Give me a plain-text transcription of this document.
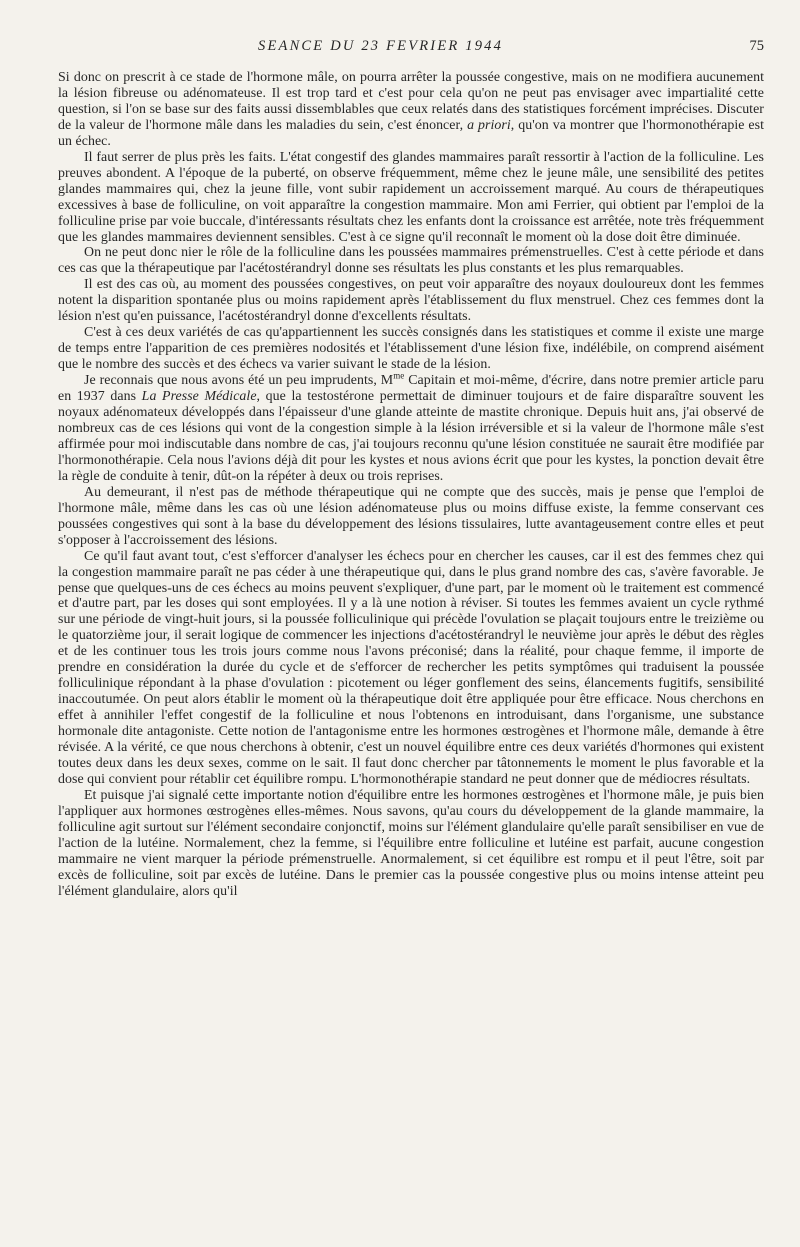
SEANCE DU 23 FEVRIER 1944	75

Si donc on prescrit à ce stade de l'hormone mâle, on pourra arrêter la poussée congestive, mais on ne modifiera aucunement la lésion fibreuse ou adénomateuse. Il est trop tard et c'est pour cela qu'on ne peut pas envisager avec impartialité cette question, si l'on se base sur des faits aussi dissemblables que ceux relatés dans des statistiques forcément imprécises. Discuter de la valeur de l'hormone mâle dans les maladies du sein, c'est énoncer, a priori, qu'on va montrer que l'hormonothérapie est un échec.

Il faut serrer de plus près les faits. L'état congestif des glandes mammaires paraît ressortir à l'action de la folliculine. Les preuves abondent. A l'époque de la puberté, on observe fréquemment, même chez le jeune mâle, une sensibilité des petites glandes mammaires qui, chez la jeune fille, vont subir rapidement un accroissement marqué. Au cours de thérapeutiques excessives à base de folliculine, on voit apparaître la congestion mammaire. Mon ami Ferrier, qui obtient par l'emploi de la folliculine prise par voie buccale, d'intéressants résultats chez les enfants dont la croissance est arrêtée, note très fréquemment que les glandes mammaires deviennent sensibles. C'est à ce signe qu'il reconnaît le moment où la dose doit être diminuée.

On ne peut donc nier le rôle de la folliculine dans les poussées mammaires prémenstruelles. C'est à cette période et dans ces cas que la thérapeutique par l'acétostérandryl donne ses résultats les plus constants et les plus remarquables.

Il est des cas où, au moment des poussées congestives, on peut voir apparaître des noyaux douloureux dont les femmes notent la disparition spontanée plus ou moins rapidement après l'établissement du flux menstruel. Chez ces femmes dont la lésion n'est qu'en puissance, l'acétostérandryl donne d'excellents résultats.

C'est à ces deux variétés de cas qu'appartiennent les succès consignés dans les statistiques et comme il existe une marge de temps entre l'apparition de ces premières nodosités et l'établissement d'une lésion fixe, indélébile, on comprend aisément que le nombre des succès et des échecs va varier suivant le stade de la lésion.

Je reconnais que nous avons été un peu imprudents, $M^{me}$ Capitain et moi-même, d'écrire, dans notre premier article paru en 1937 dans La Presse Médicale, que la testostérone permettait de diminuer toujours et de faire disparaître souvent les noyaux adénomateux développés dans l'épaisseur d'une glande atteinte de mastite chronique. Depuis huit ans, j'ai observé de nombreux cas de ces lésions qui vont de la congestion simple à la lésion irréversible et si la valeur de l'hormone mâle s'est affirmée pour moi indiscutable dans nombre de cas, j'ai toujours reconnu qu'une lésion constituée ne saurait être modifiée par l'hormonothérapie. Cela nous l'avions déjà dit pour les kystes et nous avions écrit que pour les kystes, la ponction devait être la règle de conduite à tenir, dût-on la répéter à deux ou trois reprises.

Au demeurant, il n'est pas de méthode thérapeutique qui ne compte que des succès, mais je pense que l'emploi de l'hormone mâle, même dans les cas où une lésion adénomateuse plus ou moins diffuse existe, la femme conservant ces poussées congestives qui sont à la base du développement des lésions tissulaires, lutte avantageusement contre elles et peut s'opposer à l'accroissement des lésions.

Ce qu'il faut avant tout, c'est s'efforcer d'analyser les échecs pour en chercher les causes, car il est des femmes chez qui la congestion mammaire paraît ne pas céder à une thérapeutique qui, dans le plus grand nombre des cas, s'avère favorable. Je pense que quelques-uns de ces échecs au moins peuvent s'expliquer, d'une part, par le moment où le traitement est commencé et d'autre part, par les doses qui sont employées. Il y a là une notion à réviser. Si toutes les femmes avaient un cycle rythmé sur une période de vingt-huit jours, si la poussée folliculinique qui précède l'ovulation se plaçait toujours entre le treizième ou le quatorzième jour, il serait logique de commencer les injections d'acétostérandryl le neuvième jour après le début des règles et de les continuer tous les trois jours comme nous l'avons préconisé; dans la réalité, pour chaque femme, il importe de prendre en considération la durée du cycle et de s'efforcer de rechercher les petits symptômes qui traduisent la poussée folliculinique répondant à la phase d'ovulation : picotement ou léger gonflement des seins, élancements fugitifs, sensibilité inaccoutumée. On peut alors établir le moment où la thérapeutique doit être appliquée pour être efficace. Nous cherchons en effet à annihiler l'effet congestif de la folliculine et nous l'obtenons en introduisant, dans l'organisme, une substance hormonale dite antagoniste. Cette notion de l'antagonisme entre les hormones œstrogènes et l'hormone mâle, demande à être révisée. A la vérité, ce que nous cherchons à obtenir, c'est un nouvel équilibre entre ces deux variétés d'hormones qui existent toutes deux dans les deux sexes, comme on le sait. Il faut donc chercher par tâtonnements le moment le plus favorable et la dose qui convient pour rétablir cet équilibre rompu. L'hormonothérapie standard ne peut donner que de médiocres résultats.

Et puisque j'ai signalé cette importante notion d'équilibre entre les hormones œstrogènes et l'hormone mâle, je puis bien l'appliquer aux hormones œstrogènes elles-mêmes. Nous savons, qu'au cours du développement de la glande mammaire, la folliculine agit surtout sur l'élément secondaire conjonctif, moins sur l'élément glandulaire qu'elle paraît sensibiliser en vue de l'action de la lutéine. Normalement, chez la femme, si l'équilibre entre folliculine et lutéine est parfait, aucune congestion mammaire ne vient marquer la période prémenstruelle. Anormalement, si cet équilibre est rompu et il peut l'être, soit par excès de folliculine, soit par excès de lutéine. Dans le premier cas la poussée congestive plus ou moins intense atteint peu l'élément glandulaire, alors qu'il
